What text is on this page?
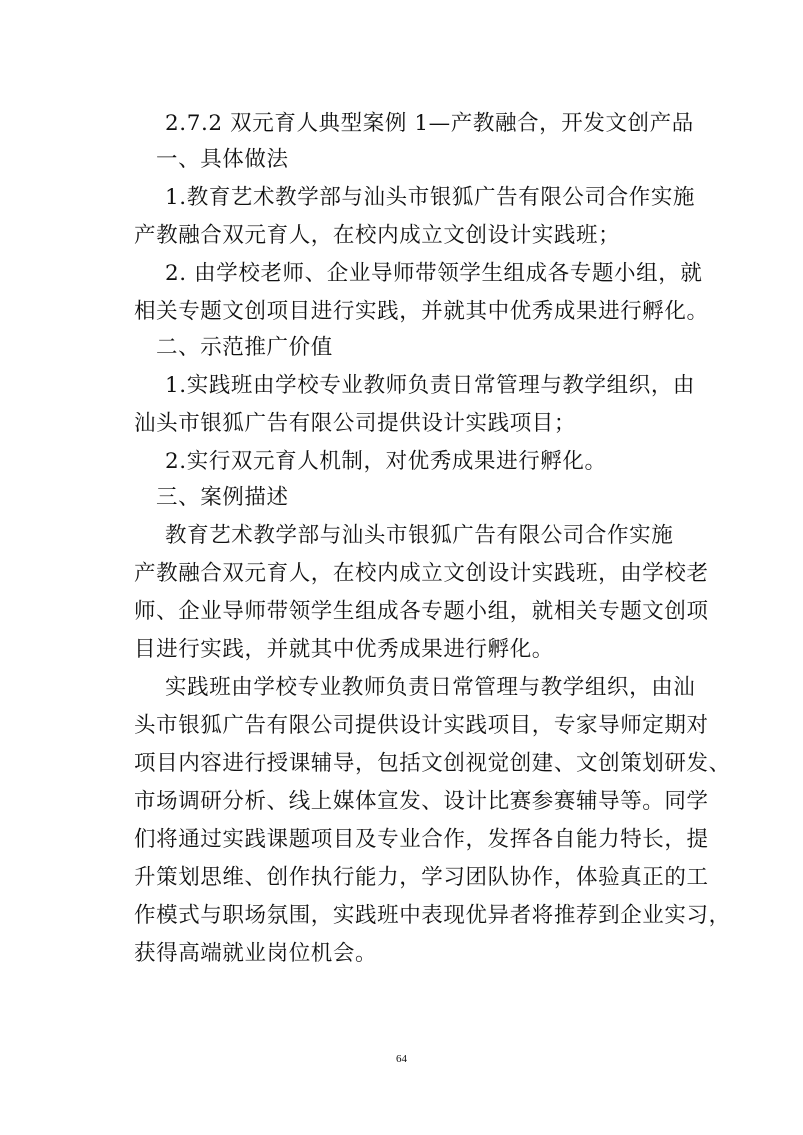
2.7.2 双元育人典型案例 1—产教融合，开发文创产品
一、具体做法
1.教育艺术教学部与汕头市银狐广告有限公司合作实施
产教融合双元育人，在校内成立文创设计实践班；
2. 由学校老师、企业导师带领学生组成各专题小组，就
相关专题文创项目进行实践，并就其中优秀成果进行孵化。
二、示范推广价值
1.实践班由学校专业教师负责日常管理与教学组织，由
汕头市银狐广告有限公司提供设计实践项目；
2.实行双元育人机制，对优秀成果进行孵化。
三、案例描述
教育艺术教学部与汕头市银狐广告有限公司合作实施
产教融合双元育人，在校内成立文创设计实践班，由学校老
师、企业导师带领学生组成各专题小组，就相关专题文创项
目进行实践，并就其中优秀成果进行孵化。
实践班由学校专业教师负责日常管理与教学组织，由汕
头市银狐广告有限公司提供设计实践项目，专家导师定期对
项目内容进行授课辅导，包括文创视觉创建、文创策划研发、
市场调研分析、线上媒体宣发、设计比赛参赛辅导等。同学
们将通过实践课题项目及专业合作，发挥各自能力特长，提
升策划思维、创作执行能力，学习团队协作，体验真正的工
作模式与职场氛围，实践班中表现优异者将推荐到企业实习，
获得高端就业岗位机会。
64
